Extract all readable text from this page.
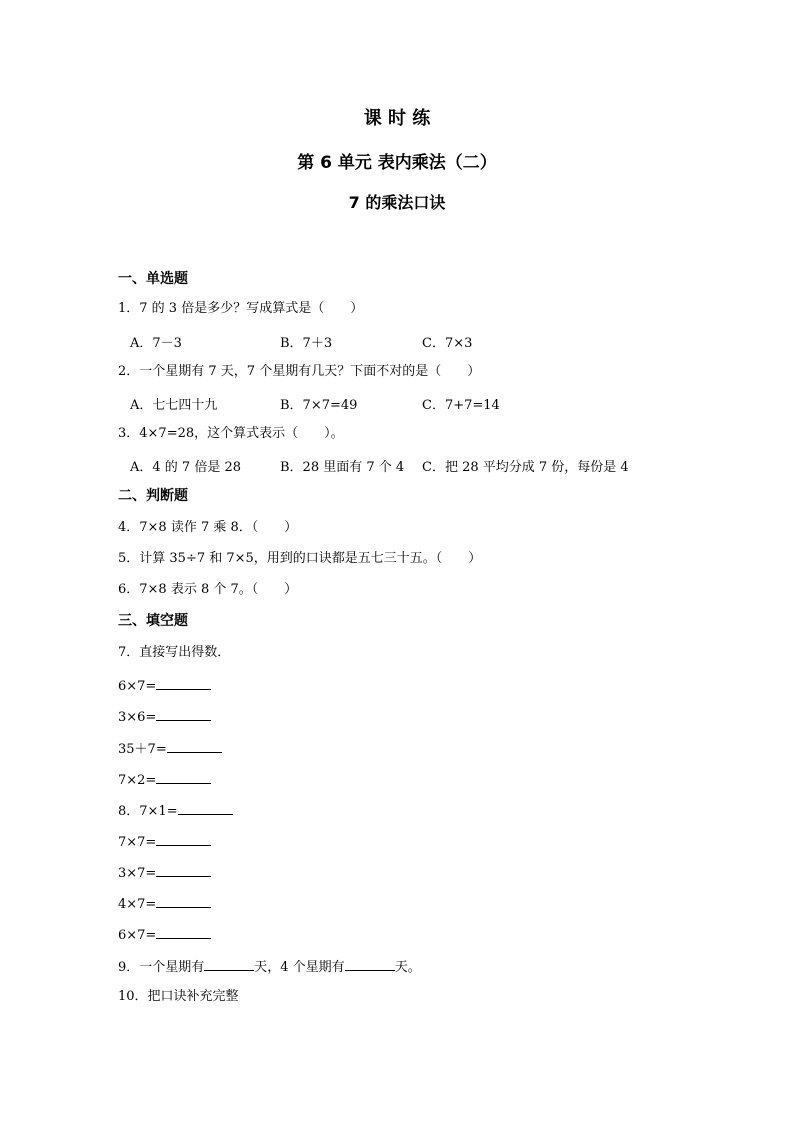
课 时 练
第 6 单元 表内乘法（二）
7 的乘法口诀
一、单选题
1．7 的 3 倍是多少？写成算式是（　　）
A．7－3	B．7＋3	C．7×3
2．一个星期有 7 天，7 个星期有几天？下面不对的是（　　）
A．七七四十九	B．7×7=49	C．7+7=14
3．4×7=28，这个算式表示（　　）。
A．4 的 7 倍是 28	B．28 里面有 7 个 4 C．把 28 平均分成 7 份，每份是 4
二、判断题
4．7×8 读作 7 乘 8．（　　）
5．计算 35÷7 和 7×5，用到的口诀都是五七三十五。（　　）
6．7×8 表示 8 个 7。（　　）
三、填空题
7．直接写出得数．
6×7=
3×6=
35＋7=
7×2=
8．7×1=
7×7=
3×7=
4×7=
6×7=
9．一个星期有	天，4 个星期有	天。
10．把口诀补充完整
